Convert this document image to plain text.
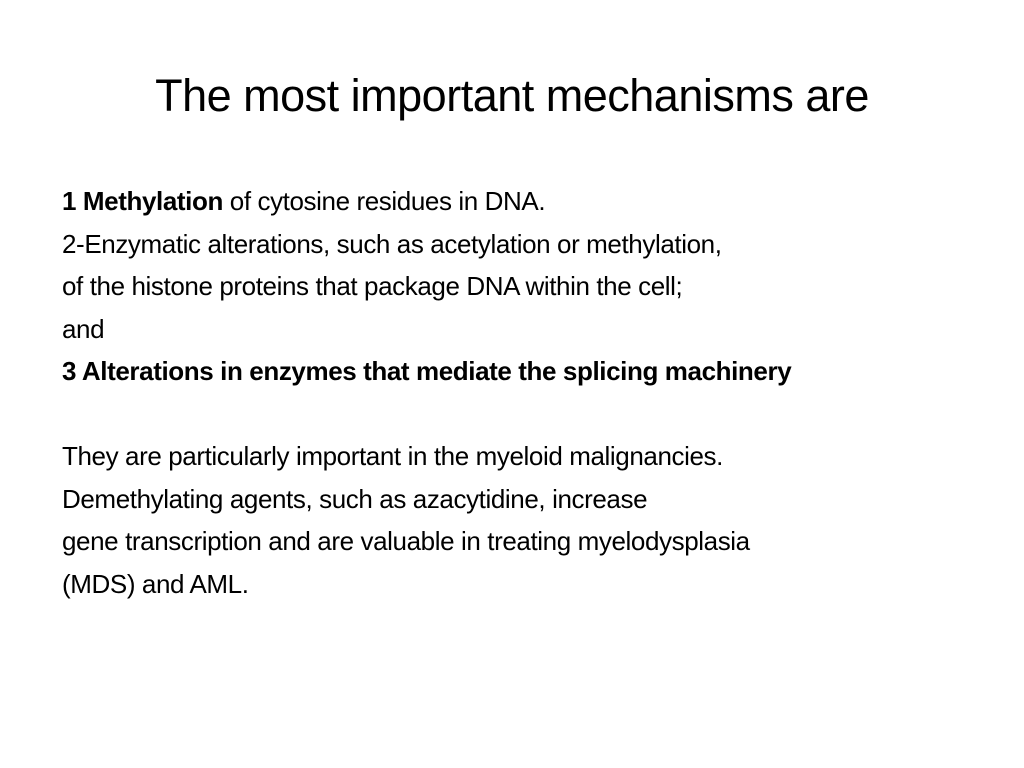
The most important mechanisms are
1 Methylation of cytosine residues in DNA.
2-Enzymatic alterations, such as acetylation or methylation,
of the histone proteins that package DNA within the cell;
and
3 Alterations in enzymes that mediate the splicing machinery
They are particularly important in the myeloid malignancies.
Demethylating agents, such as azacytidine, increase
gene transcription and are valuable in treating myelodysplasia
(MDS) and AML.
